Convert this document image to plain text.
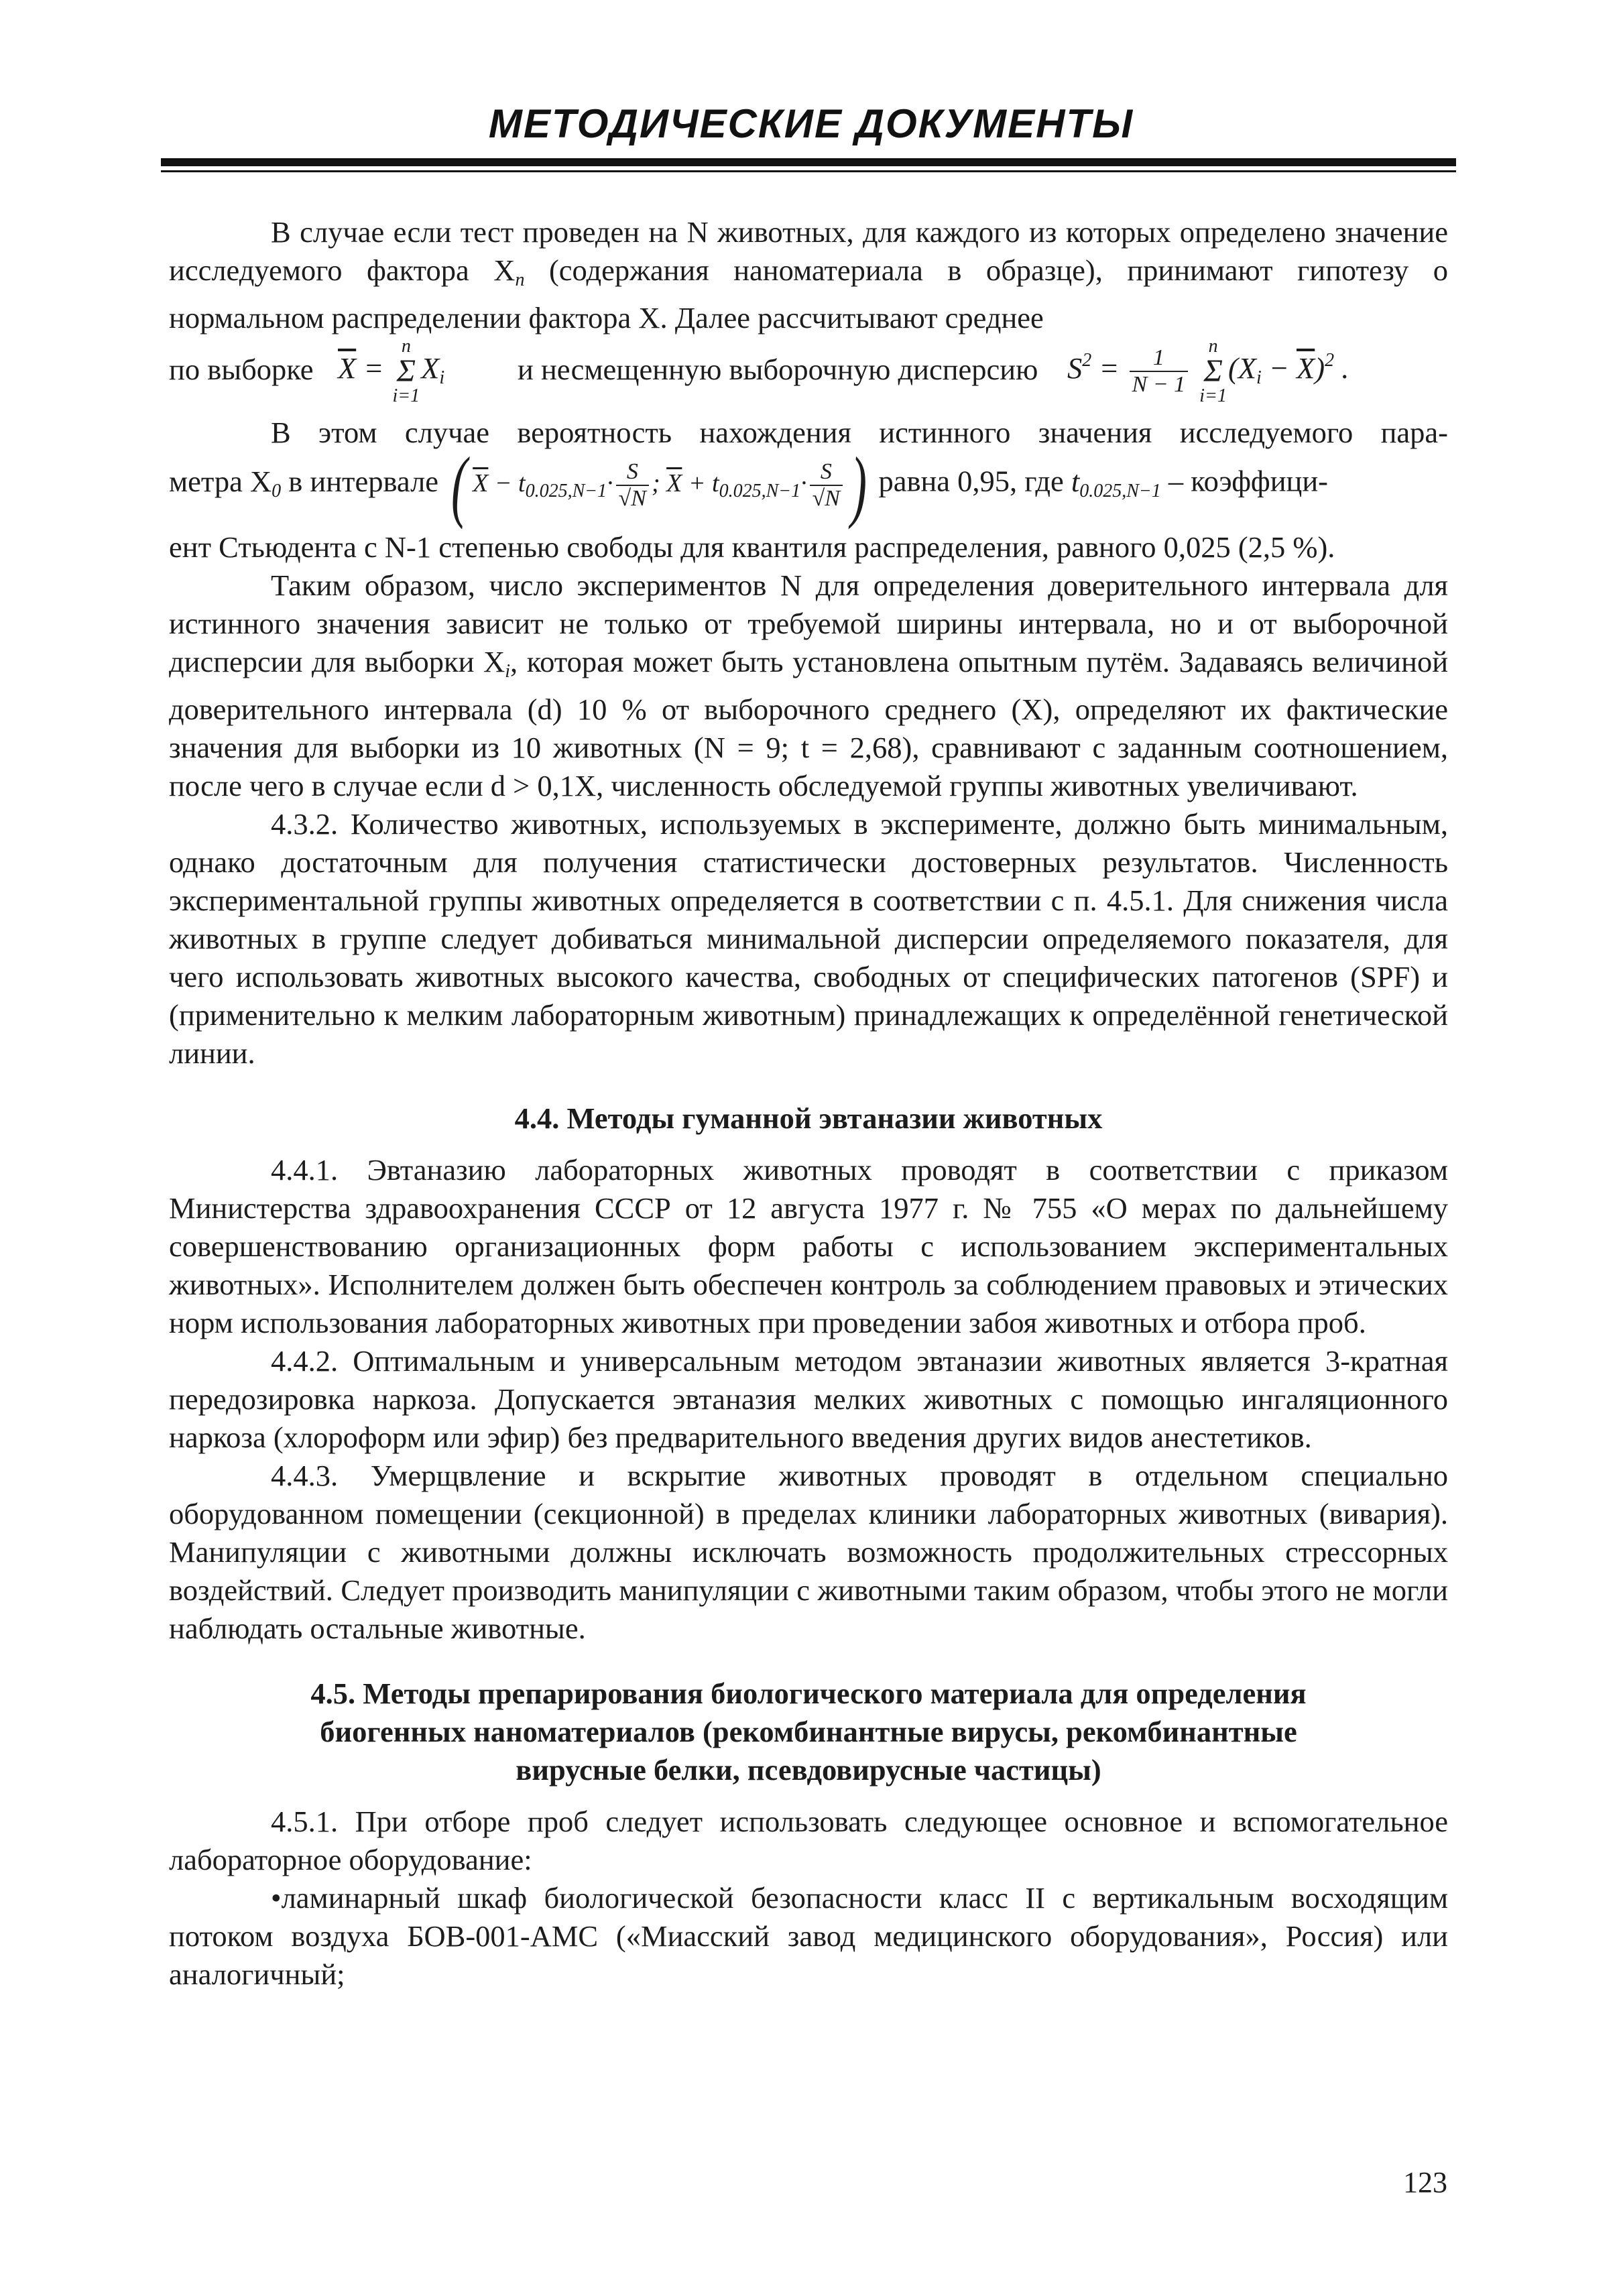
МЕТОДИЧЕСКИЕ ДОКУМЕНТЫ

В случае если тест проведен на N животных, для каждого из которых определено значение исследуемого фактора $X_n$ (содержания наноматериала в образце), принимают гипотезу о нормальном распределении фактора X. Далее рассчитывают среднее

по выборке $\overline{X} = n$
Σ
$i=1X_i$ и несмещенную выборочную дисперсию $S^2 = \frac{1}{N - 1}$ n
Σ
$i=1(X_i - \overline{X})^2$ .

В этом случае вероятность нахождения истинного значения исследуемого пара-

метра $X_0$ в интервале ( $\overline{X} - t_{0.025,N-1}\cdot \frac{S}{√N}$ ; $\overline{X} + t_{0.025,N-1}\cdot \frac{S}{√N}$ ) равна 0,95, где $t_{0.025,N-1}$ – коэффици-

ент Стьюдента с N-1 степенью свободы для квантиля распределения, равного 0,025 (2,5 %).

Таким образом, число экспериментов N для определения доверительного интервала для истинного значения зависит не только от требуемой ширины интервала, но и от выборочной дисперсии для выборки $X_i$, которая может быть установлена опытным путём. Задаваясь величиной доверительного интервала (d) 10 % от выборочного среднего (X), определяют их фактические значения для выборки из 10 животных (N = 9; t = 2,68), сравнивают с заданным соотношением, после чего в случае если d > 0,1X, численность обследуемой группы животных увеличивают.

4.3.2. Количество животных, используемых в эксперименте, должно быть минимальным, однако достаточным для получения статистически достоверных результатов. Численность экспериментальной группы животных определяется в соответствии с п. 4.5.1. Для снижения числа животных в группе следует добиваться минимальной дисперсии определяемого показателя, для чего использовать животных высокого качества, свободных от специфических патогенов (SPF) и (применительно к мелким лабораторным животным) принадлежащих к определённой генетической линии.

4.4. Методы гуманной эвтаназии животных

4.4.1. Эвтаназию лабораторных животных проводят в соответствии с приказом Министерства здравоохранения СССР от 12 августа 1977 г. № 755 «О мерах по дальнейшему совершенствованию организационных форм работы с использованием экспериментальных животных». Исполнителем должен быть обеспечен контроль за соблюдением правовых и этических норм использования лабораторных животных при проведении забоя животных и отбора проб.

4.4.2. Оптимальным и универсальным методом эвтаназии животных является 3-кратная передозировка наркоза. Допускается эвтаназия мелких животных с помощью ингаляционного наркоза (хлороформ или эфир) без предварительного введения других видов анестетиков.

4.4.3. Умерщвление и вскрытие животных проводят в отдельном специально оборудованном помещении (секционной) в пределах клиники лабораторных животных (вивария). Манипуляции с животными должны исключать возможность продолжительных стрессорных воздействий. Следует производить манипуляции с животными таким образом, чтобы этого не могли наблюдать остальные животные.

4.5. Методы препарирования биологического материала для определения

биогенных наноматериалов (рекомбинантные вирусы, рекомбинантные

вирусные белки, псевдовирусные частицы)

4.5.1. При отборе проб следует использовать следующее основное и вспомогательное лабораторное оборудование:

•ламинарный шкаф биологической безопасности класс II с вертикальным восходящим потоком воздуха БОВ-001-АМС («Миасский завод медицинского оборудования», Россия) или аналогичный;

123
